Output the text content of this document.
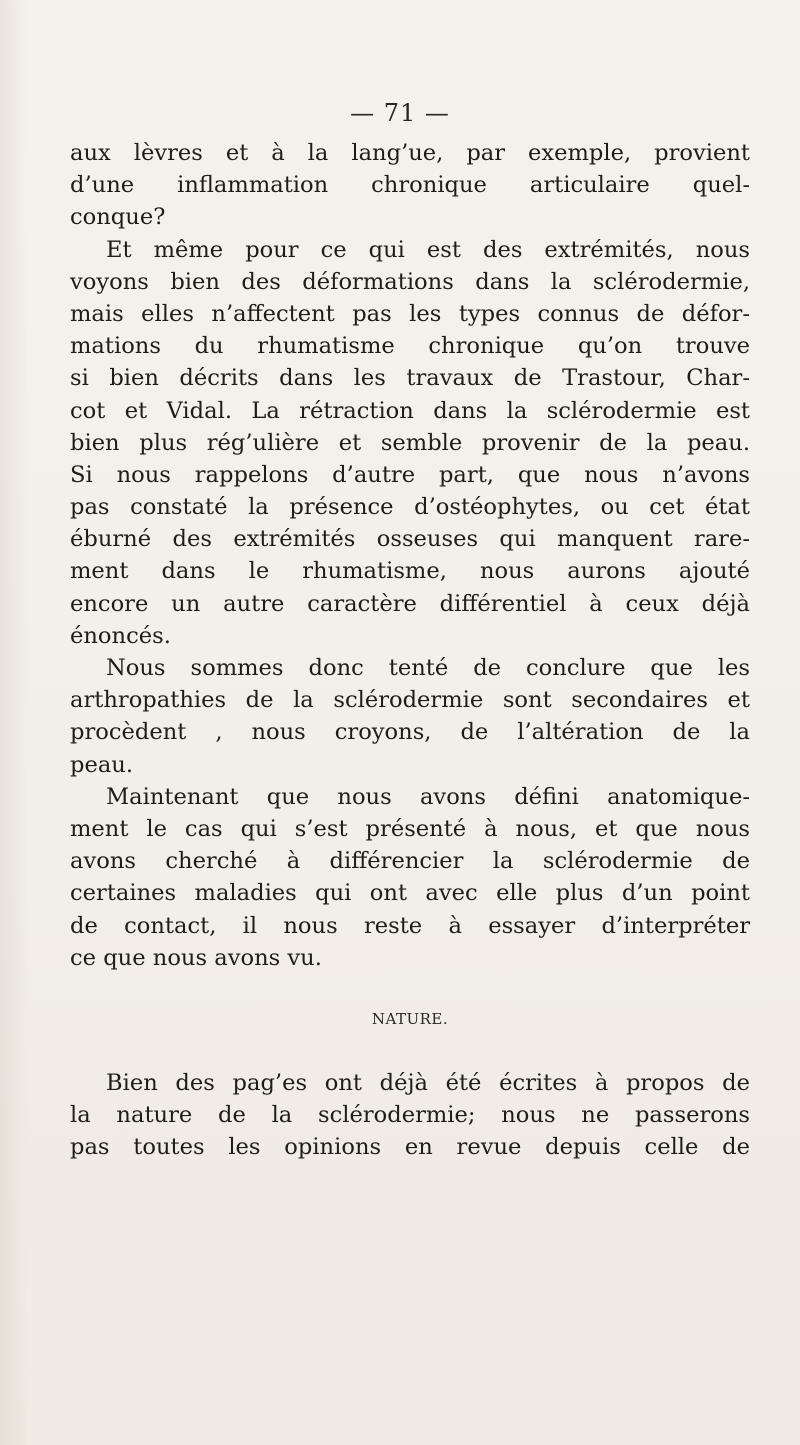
— 71 —
aux lèvres et à la lang’ue, par exemple, provient
d’une inflammation chronique articulaire quel-
conque?
Et même pour ce qui est des extrémités, nous
voyons bien des déformations dans la sclérodermie,
mais elles n’affectent pas les types connus de défor-
mations du rhumatisme chronique qu’on trouve
si bien décrits dans les travaux de Trastour, Char-
cot et Vidal. La rétraction dans la sclérodermie est
bien plus rég’ulière et semble provenir de la peau.
Si nous rappelons d’autre part, que nous n’avons
pas constaté la présence d’ostéophytes, ou cet état
éburné des extrémités osseuses qui manquent rare-
ment dans le rhumatisme, nous aurons ajouté
encore un autre caractère différentiel à ceux déjà
énoncés.
Nous sommes donc tenté de conclure que les
arthropathies de la sclérodermie sont secondaires et
procèdent , nous croyons, de l’altération de la
peau.
Maintenant que nous avons défini anatomique-
ment le cas qui s’est présenté à nous, et que nous
avons cherché à différencier la sclérodermie de
certaines maladies qui ont avec elle plus d’un point
de contact, il nous reste à essayer d’interpréter
ce que nous avons vu.
NATURE.
Bien des pag’es ont déjà été écrites à propos de
la nature de la sclérodermie; nous ne passerons
pas toutes les opinions en revue depuis celle de
